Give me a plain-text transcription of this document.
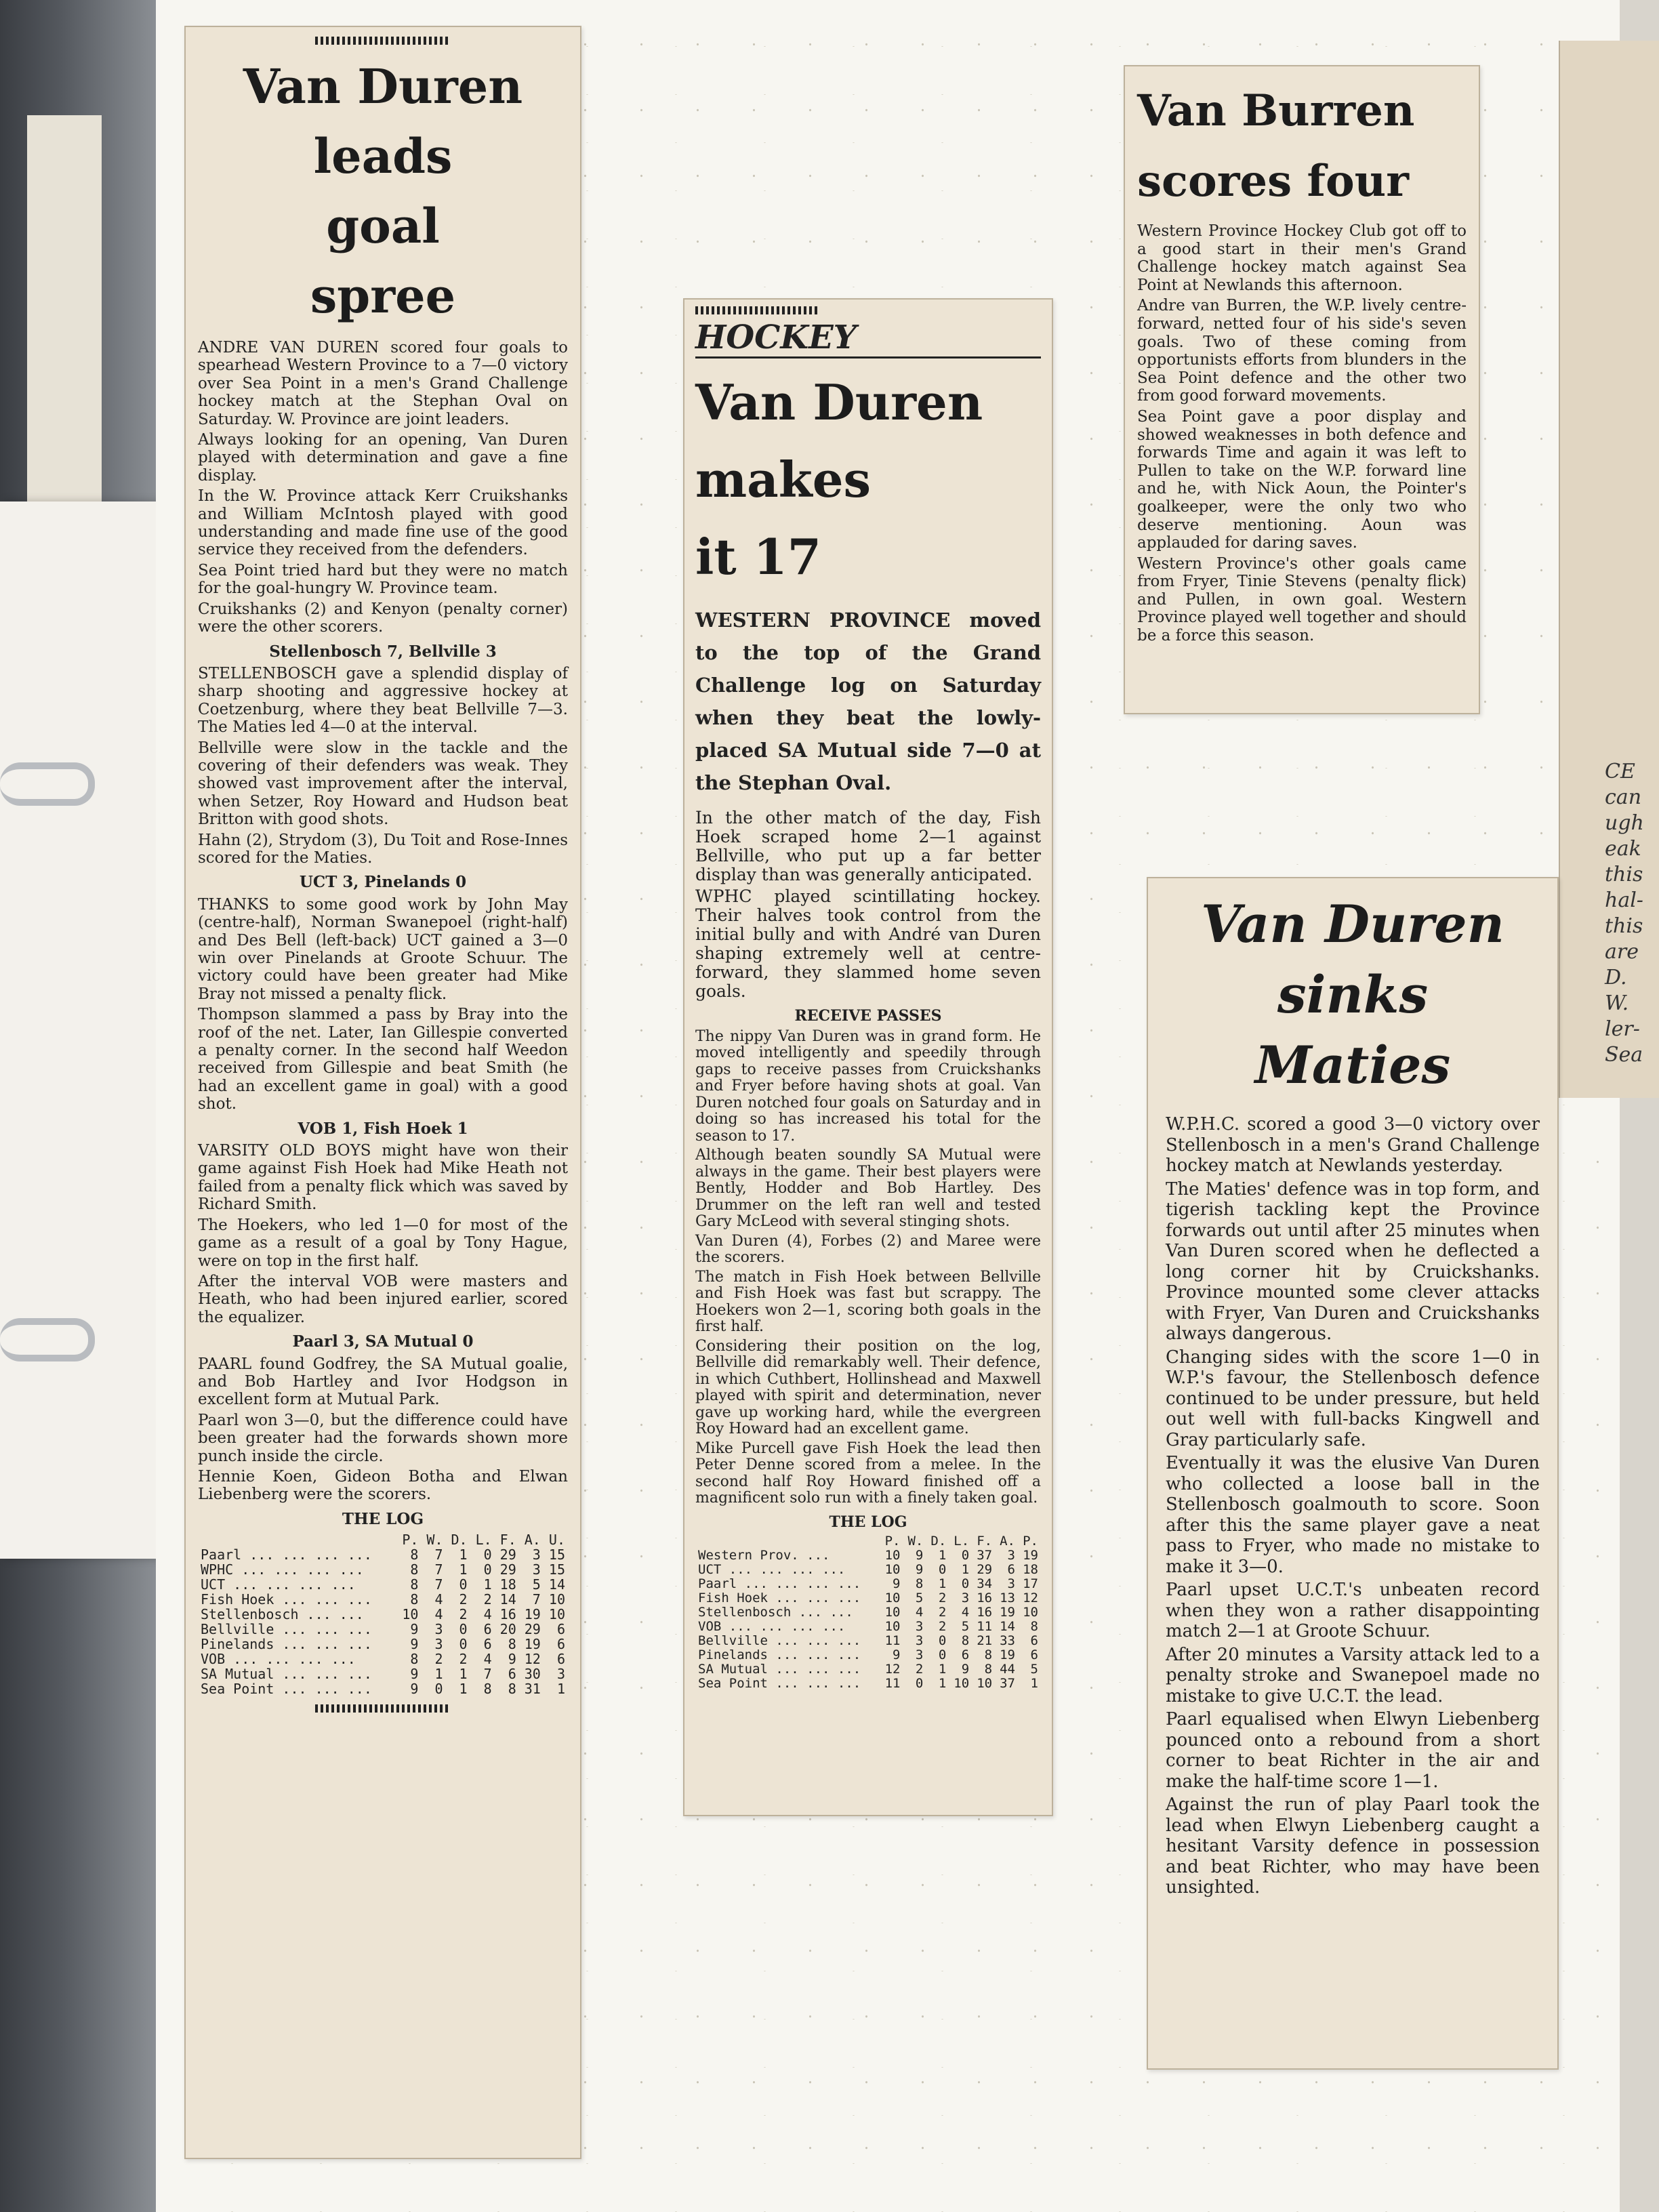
CE
can
ugh
eak
this
hal-
this
are
D.
W.
ler-
Sea
Van Duren
leads
goal
spree

ANDRE VAN DUREN scored four goals to spearhead Western Province to a 7—0 victory over Sea Point in a men's Grand Challenge hockey match at the Stephan Oval on Saturday. W. Province are joint leaders.

Always looking for an opening, Van Duren played with determination and gave a fine display.

In the W. Province attack Kerr Cruikshanks and William McIntosh played with good understanding and made fine use of the good service they received from the defenders.

Sea Point tried hard but they were no match for the goal-hungry W. Province team.

Cruikshanks (2) and Kenyon (penalty corner) were the other scorers.

Stellenbosch 7, Bellville 3

STELLENBOSCH gave a splendid display of sharp shooting and aggressive hockey at Coetzenburg, where they beat Bellville 7—3. The Maties led 4—0 at the interval.

Bellville were slow in the tackle and the covering of their defenders was weak. They showed vast improvement after the interval, when Setzer, Roy Howard and Hudson beat Britton with good shots.

Hahn (2), Strydom (3), Du Toit and Rose-Innes scored for the Maties.

UCT 3, Pinelands 0

THANKS to some good work by John May (centre-half), Norman Swanepoel (right-half) and Des Bell (left-back) UCT gained a 3—0 win over Pinelands at Groote Schuur. The victory could have been greater had Mike Bray not missed a penalty flick.

Thompson slammed a pass by Bray into the roof of the net. Later, Ian Gillespie converted a penalty corner. In the second half Weedon received from Gillespie and beat Smith (he had an excellent game in goal) with a good shot.

VOB 1, Fish Hoek 1

VARSITY OLD BOYS might have won their game against Fish Hoek had Mike Heath not failed from a penalty flick which was saved by Richard Smith.

The Hoekers, who led 1—0 for most of the game as a result of a goal by Tony Hague, were on top in the first half.

After the interval VOB were masters and Heath, who had been injured earlier, scored the equalizer.

Paarl 3, SA Mutual 0

PAARL found Godfrey, the SA Mutual goalie, and Bob Hartley and Ivor Hodgson in excellent form at Mutual Park.

Paarl won 3—0, but the difference could have been greater had the forwards shown more punch inside the circle.

Hennie Koen, Gideon Botha and Elwan Liebenberg were the scorers.

THE LOG
	P.	W.	D.	L.	F.	A.	U.
Paarl ... ... ... ...	8	7	1	0	29	3	15
WPHC ... ... ... ...	8	7	1	0	29	3	15
UCT ... ... ... ...	8	7	0	1	18	5	14
Fish Hoek ... ... ...	8	4	2	2	14	7	10
Stellenbosch ... ...	10	4	2	4	16	19	10
Bellville ... ... ...	9	3	0	6	20	29	6
Pinelands ... ... ...	9	3	0	6	8	19	6
VOB ... ... ... ...	8	2	2	4	9	12	6
SA Mutual ... ... ...	9	1	1	7	6	30	3
Sea Point ... ... ...	9	0	1	8	8	31	1
HOCKEY
Van Duren
makes
it 17

WESTERN PROVINCE moved to the top of the Grand Challenge log on Saturday when they beat the lowly-placed SA Mutual side 7—0 at the Stephan Oval.

In the other match of the day, Fish Hoek scraped home 2—1 against Bellville, who put up a far better display than was generally anticipated.

WPHC played scintillating hockey. Their halves took control from the initial bully and with André van Duren shaping extremely well at centre-forward, they slammed home seven goals.

RECEIVE PASSES

The nippy Van Duren was in grand form. He moved intelligently and speedily through gaps to receive passes from Cruickshanks and Fryer before having shots at goal. Van Duren notched four goals on Saturday and in doing so has increased his total for the season to 17.

Although beaten soundly SA Mutual were always in the game. Their best players were Bently, Hodder and Bob Hartley. Des Drummer on the left ran well and tested Gary McLeod with several stinging shots.

Van Duren (4), Forbes (2) and Maree were the scorers.

The match in Fish Hoek between Bellville and Fish Hoek was fast but scrappy. The Hoekers won 2—1, scoring both goals in the first half.

Considering their position on the log, Bellville did remarkably well. Their defence, in which Cuthbert, Hollinshead and Maxwell played with spirit and determination, never gave up working hard, while the evergreen Roy Howard had an excellent game.

Mike Purcell gave Fish Hoek the lead then Peter Denne scored from a melee. In the second half Roy Howard finished off a magnificent solo run with a finely taken goal.

THE LOG
	P.	W.	D.	L.	F.	A.	P.
Western Prov. ...	10	9	1	0	37	3	19
UCT ... ... ... ...	10	9	0	1	29	6	18
Paarl ... ... ... ...	9	8	1	0	34	3	17
Fish Hoek ... ... ...	10	5	2	3	16	13	12
Stellenbosch ... ...	10	4	2	4	16	19	10
VOB ... ... ... ...	10	3	2	5	11	14	8
Bellville ... ... ...	11	3	0	8	21	33	6
Pinelands ... ... ...	9	3	0	6	8	19	6
SA Mutual ... ... ...	12	2	1	9	8	44	5
Sea Point ... ... ...	11	0	1	10	10	37	1
Van Burren
scores four

Western Province Hockey Club got off to a good start in their men's Grand Challenge hockey match against Sea Point at Newlands this afternoon.

Andre van Burren, the W.P. lively centre-forward, netted four of his side's seven goals. Two of these coming from opportunists efforts from blunders in the Sea Point defence and the other two from good forward movements.

Sea Point gave a poor display and showed weaknesses in both defence and forwards Time and again it was left to Pullen to take on the W.P. forward line and he, with Nick Aoun, the Pointer's goalkeeper, were the only two who deserve mentioning. Aoun was applauded for daring saves.

Western Province's other goals came from Fryer, Tinie Stevens (penalty flick) and Pullen, in own goal. Western Province played well together and should be a force this season.

Van Duren
sinks
Maties

W.P.H.C. scored a good 3—0 victory over Stellenbosch in a men's Grand Challenge hockey match at Newlands yesterday.

The Maties' defence was in top form, and tigerish tackling kept the Province forwards out until after 25 minutes when Van Duren scored when he deflected a long corner hit by Cruickshanks. Province mounted some clever attacks with Fryer, Van Duren and Cruickshanks always dangerous.

Changing sides with the score 1—0 in W.P.'s favour, the Stellenbosch defence continued to be under pressure, but held out well with full-backs Kingwell and Gray particularly safe.

Eventually it was the elusive Van Duren who collected a loose ball in the Stellenbosch goalmouth to score. Soon after this the same player gave a neat pass to Fryer, who made no mistake to make it 3—0.

Paarl upset U.C.T.'s unbeaten record when they won a rather disappointing match 2—1 at Groote Schuur.

After 20 minutes a Varsity attack led to a penalty stroke and Swanepoel made no mistake to give U.C.T. the lead.

Paarl equalised when Elwyn Liebenberg pounced onto a rebound from a short corner to beat Richter in the air and make the half-time score 1—1.

Against the run of play Paarl took the lead when Elwyn Liebenberg caught a hesitant Varsity defence in possession and beat Richter, who may have been unsighted.
